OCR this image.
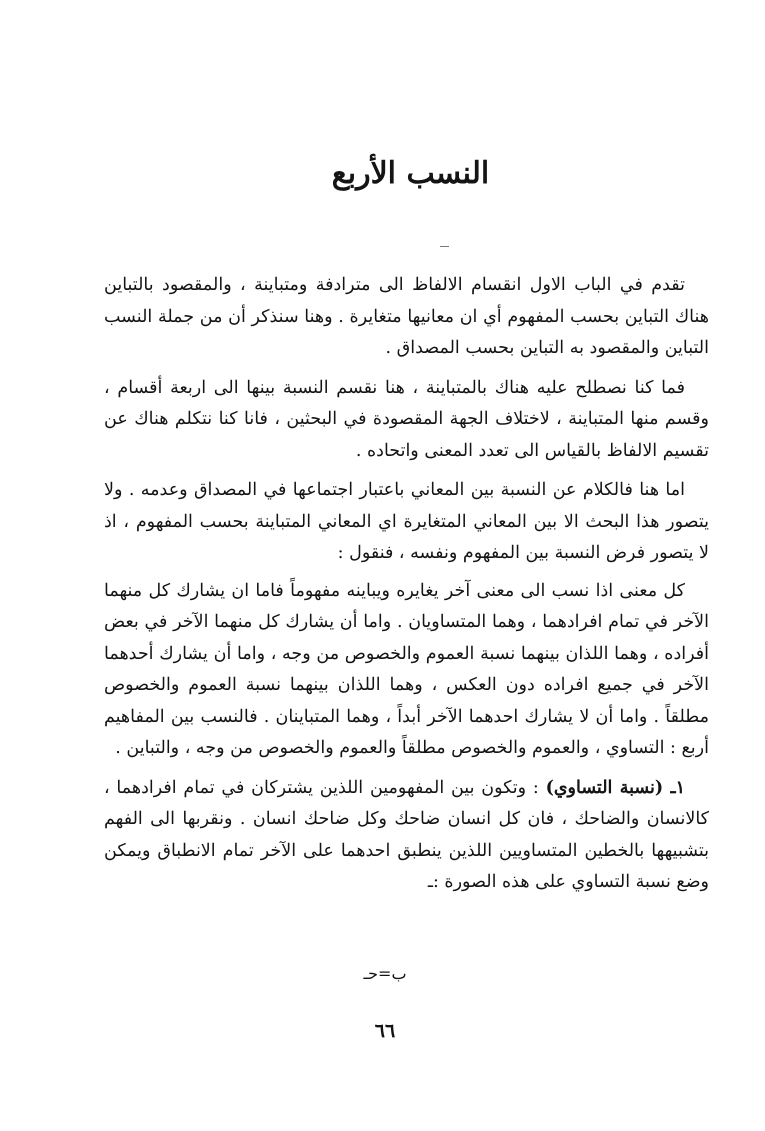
النسب الأربع

تقدم في الباب الاول انقسام الالفاظ الى مترادفة ومتباينة ، والمقصود بالتباين هناك التباين بحسب المفهوم أي ان معانيها متغايرة . وهنا سنذكر أن من جملة النسب التباين والمقصود به التباين بحسب المصداق .

فما كنا نصطلح عليه هناك بالمتباينة ، هنا نقسم النسبة بينها الى اربعة أقسام ، وقسم منها المتباينة ، لاختلاف الجهة المقصودة في البحثين ، فانا كنا نتكلم هناك عن تقسيم الالفاظ بالقياس الى تعدد المعنى واتحاده .

اما هنا فالكلام عن النسبة بين المعاني باعتبار اجتماعها في المصداق وعدمه . ولا يتصور هذا البحث الا بين المعاني المتغايرة اي المعاني المتباينة بحسب المفهوم ، اذ لا يتصور فرض النسبة بين المفهوم ونفسه ، فنقول :

كل معنى اذا نسب الى معنى آخر يغايره ويباينه مفهوماً فاما ان يشارك كل منهما الآخر في تمام افرادهما ، وهما المتساويان . واما أن يشارك كل منهما الآخر في بعض أفراده ، وهما اللذان بينهما نسبة العموم والخصوص من وجه ، واما أن يشارك أحدهما الآخر في جميع افراده دون العكس ، وهما اللذان بينهما نسبة العموم والخصوص مطلقاً . واما أن لا يشارك احدهما الآخر أبداً ، وهما المتباينان . فالنسب بين المفاهيم أربع : التساوي ، والعموم والخصوص مطلقاً والعموم والخصوص من وجه ، والتباين .

١ـ (نسبة التساوي) : وتكون بين المفهومين اللذين يشتركان في تمام افرادهما ، كالانسان والضاحك ، فان كل انسان ضاحك وكل ضاحك انسان . ونقربها الى الفهم بتشبيهها بالخطين المتساويين اللذين ينطبق احدهما على الآخر تمام الانطباق ويمكن وضع نسبة التساوي على هذه الصورة :ـ

ب=حـ
٦٦
